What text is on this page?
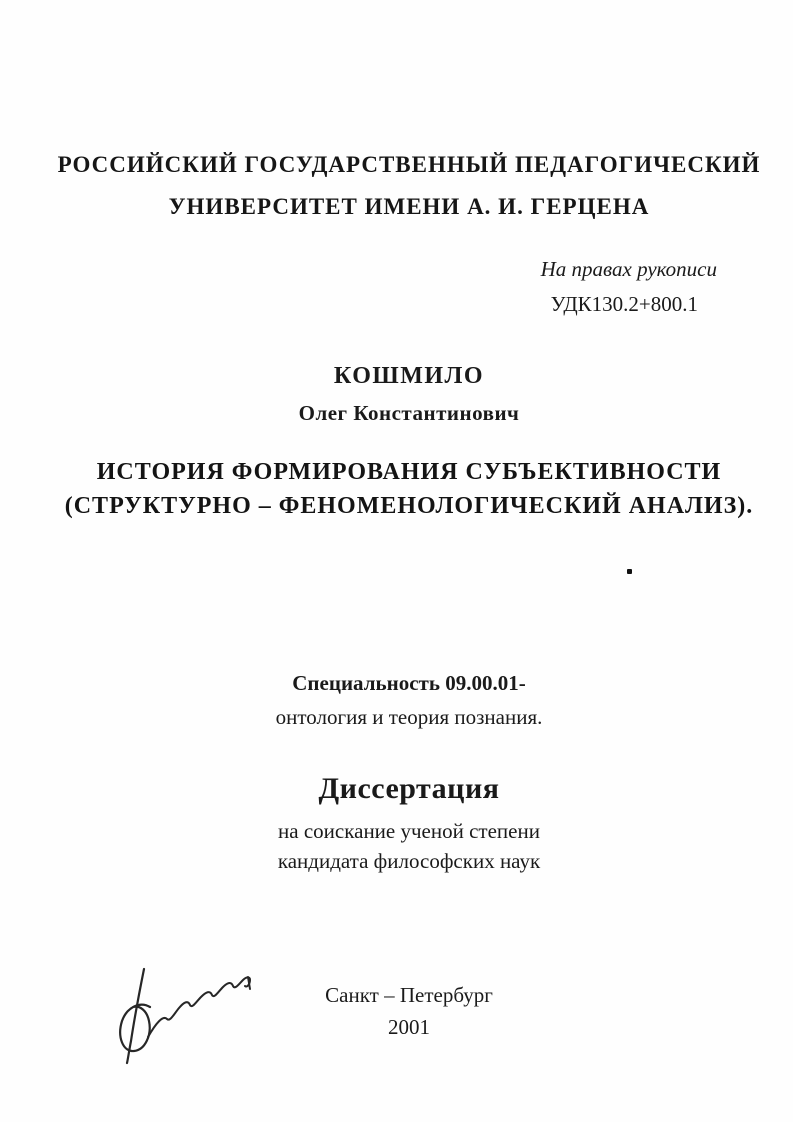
РОССИЙСКИЙ ГОСУДАРСТВЕННЫЙ ПЕДАГОГИЧЕСКИЙ
УНИВЕРСИТЕТ ИМЕНИ А. И. ГЕРЦЕНА
На правах рукописи
УДК130.2+800.1
КОШМИЛО
Олег Константинович
ИСТОРИЯ ФОРМИРОВАНИЯ СУБЪЕКТИВНОСТИ
(СТРУКТУРНО – ФЕНОМЕНОЛОГИЧЕСКИЙ АНАЛИЗ).
Специальность 09.00.01-
онтология и теория познания.
Диссертация
на соискание ученой степени
кандидата философских наук
Санкт – Петербург
2001
